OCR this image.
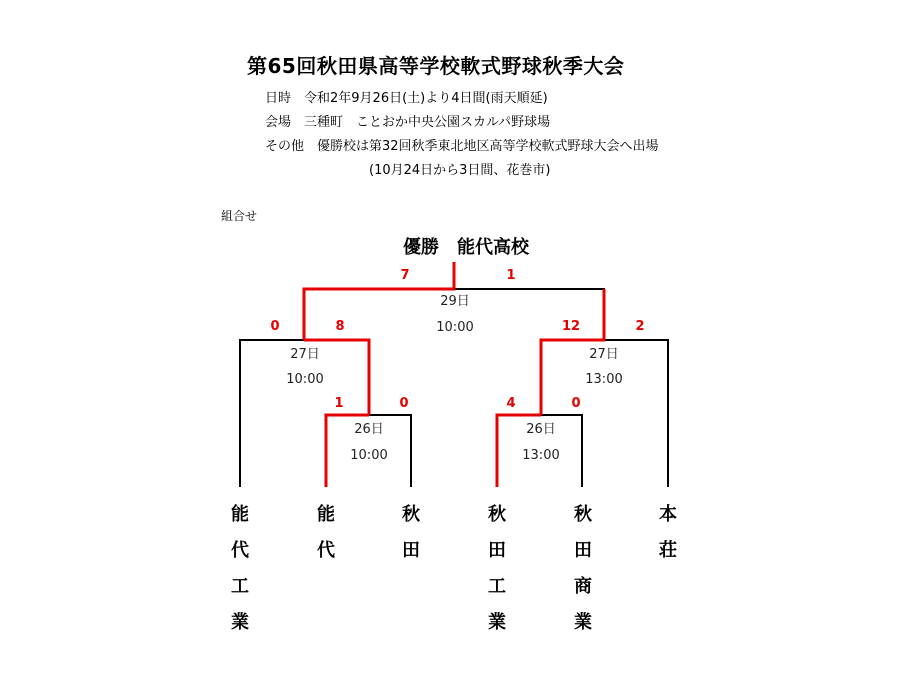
第65回秋田県高等学校軟式野球秋季大会
日時　令和2年9月26日(土)より4日間(雨天順延)
会場　三種町　ことおか中央公園スカルパ野球場
その他　優勝校は第32回秋季東北地区高等学校軟式野球大会へ出場
(10月24日から3日間、花巻市)
組合せ
優勝　能代高校
7	1
0	8	12	2
1	0	4	0
29日
10:00
27日
10:00
27日
13:00
26日
10:00
26日
13:00
能代工業
能代
秋田
秋田工業
秋田商業
本荘
